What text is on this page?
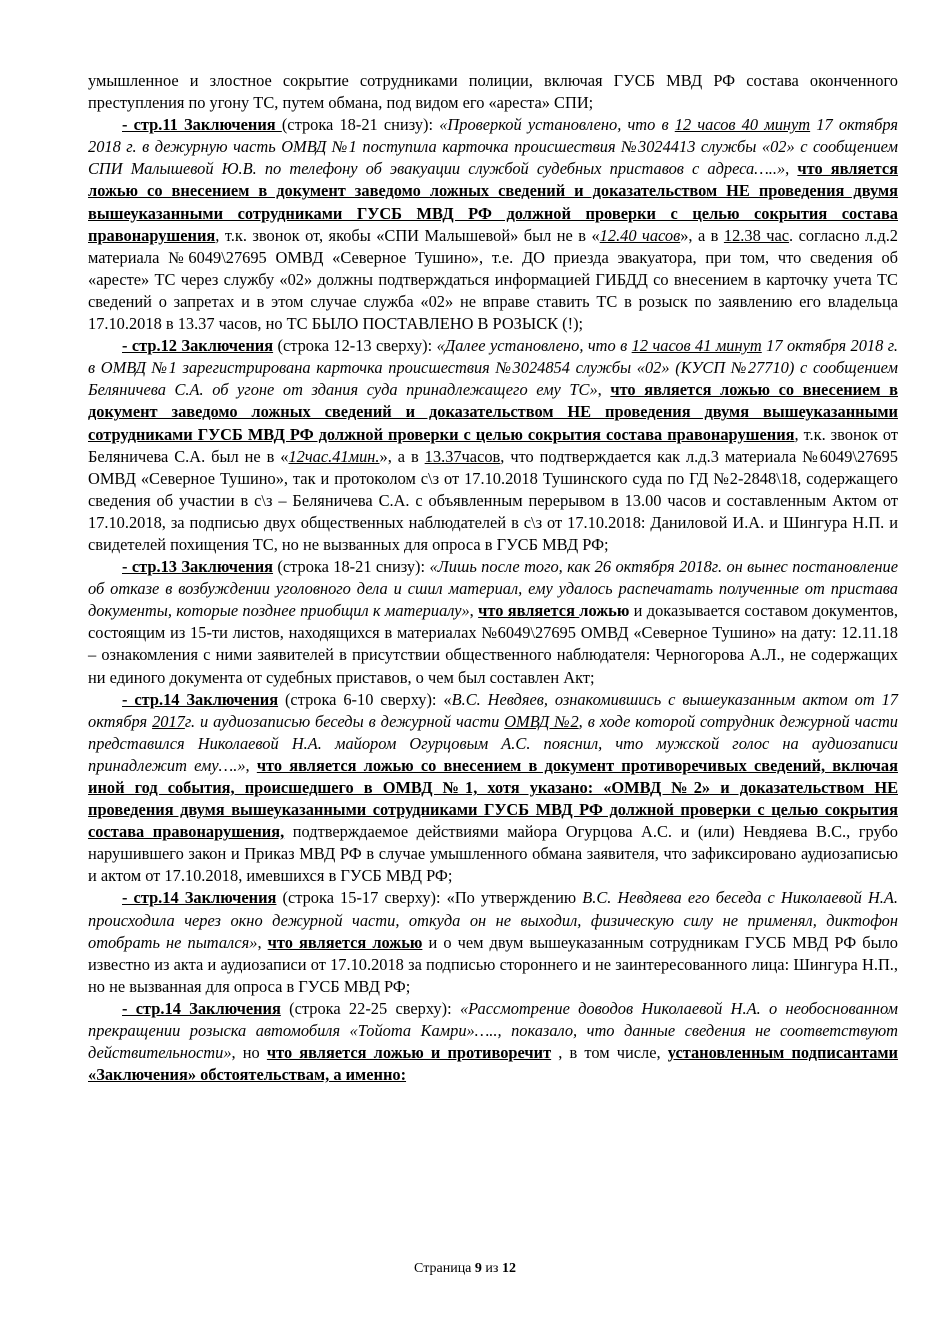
умышленное и злостное сокрытие сотрудниками полиции, включая ГУСБ МВД РФ состава оконченного преступления по угону ТС, путем обмана, под видом его «ареста» СПИ;

- стр.11 Заключения (строка 18-21 снизу): «Проверкой установлено, что в 12 часов 40 минут 17 октября 2018 г. в дежурную часть ОМВД №1 поступила карточка происшествия №3024413 службы «02» с сообщением СПИ Малышевой Ю.В. по телефону об эвакуации службой судебных приставов с адреса…..», что является ложью со внесением в документ заведомо ложных сведений и доказательством НЕ проведения двумя вышеуказанными сотрудниками ГУСБ МВД РФ должной проверки с целью сокрытия состава правонарушения, т.к. звонок от, якобы «СПИ Малышевой» был не в «12.40 часов», а в 12.38 час. согласно л.д.2 материала №6049\27695 ОМВД «Северное Тушино», т.е. ДО приезда эвакуатора, при том, что сведения об «аресте» ТС через службу «02» должны подтверждаться информацией ГИБДД со внесением в карточку учета ТС сведений о запретах и в этом случае служба «02» не вправе ставить ТС в розыск по заявлению его владельца 17.10.2018 в 13.37 часов, но ТС БЫЛО ПОСТАВЛЕНО В РОЗЫСК (!);

- стр.12 Заключения (строка 12-13 сверху): «Далее установлено, что в 12 часов 41 минут 17 октября 2018 г. в ОМВД №1 зарегистрирована карточка происшествия №3024854 службы «02» (КУСП №27710) с сообщением Беляничева С.А. об угоне от здания суда принадлежащего ему ТС», что является ложью со внесением в документ заведомо ложных сведений и доказательством НЕ проведения двумя вышеуказанными сотрудниками ГУСБ МВД РФ должной проверки с целью сокрытия состава правонарушения, т.к. звонок от Беляничева С.А. был не в «12час.41мин.», а в 13.37часов, что подтверждается как л.д.3 материала №6049\27695 ОМВД «Северное Тушино», так и протоколом с\з от 17.10.2018 Тушинского суда по ГД №2-2848\18, содержащего сведения об участии в с\з – Беляничева С.А. с объявленным перерывом в 13.00 часов и составленным Актом от 17.10.2018, за подписью двух общественных наблюдателей в с\з от 17.10.2018: Даниловой И.А. и Шингура Н.П. и свидетелей похищения ТС, но не вызванных для опроса в ГУСБ МВД РФ;

- стр.13 Заключения (строка 18-21 снизу): «Лишь после того, как 26 октября 2018г. он вынес постановление об отказе в возбуждении уголовного дела и сшил материал, ему удалось распечатать полученные от пристава документы, которые позднее приобщил к материалу», что является ложью и доказывается составом документов, состоящим из 15-ти листов, находящихся в материалах №6049\27695 ОМВД «Северное Тушино» на дату: 12.11.18 – ознакомления с ними заявителей в присутствии общественного наблюдателя: Черногорова А.Л., не содержащих ни единого документа от судебных приставов, о чем был составлен Акт;

- стр.14 Заключения (строка 6-10 сверху): «В.С. Невдяев, ознакомившись с вышеуказанным актом от 17 октября 2017г. и аудиозаписью беседы в дежурной части ОМВД №2, в ходе которой сотрудник дежурной части представился Николаевой Н.А. майором Огурцовым А.С. пояснил, что мужской голос на аудиозаписи принадлежит ему….», что является ложью со внесением в документ противоречивых сведений, включая иной год события, происшедшего в ОМВД №1, хотя указано: «ОМВД №2» и доказательством НЕ проведения двумя вышеуказанными сотрудниками ГУСБ МВД РФ должной проверки с целью сокрытия состава правонарушения, подтверждаемое действиями майора Огурцова А.С. и (или) Невдяева В.С., грубо нарушившего закон и Приказ МВД РФ в случае умышленного обмана заявителя, что зафиксировано аудиозаписью и актом от 17.10.2018, имевшихся в ГУСБ МВД РФ;

- стр.14 Заключения (строка 15-17 сверху): «По утверждению В.С. Невдяева его беседа с Николаевой Н.А. происходила через окно дежурной части, откуда он не выходил, физическую силу не применял, диктофон отобрать не пытался», что является ложью и о чем двум вышеуказанным сотрудникам ГУСБ МВД РФ было известно из акта и аудиозаписи от 17.10.2018 за подписью стороннего и не заинтересованного лица: Шингура Н.П., но не вызванная для опроса в ГУСБ МВД РФ;

- стр.14 Заключения (строка 22-25 сверху): «Рассмотрение доводов Николаевой Н.А. о необоснованном прекращении розыска автомобиля «Тойота Камри»….., показало, что данные сведения не соответствуют действительности», но что является ложью и противоречит , в том числе, установленным подписантами «Заключения» обстоятельствам, а именно:

Страница 9 из 12
